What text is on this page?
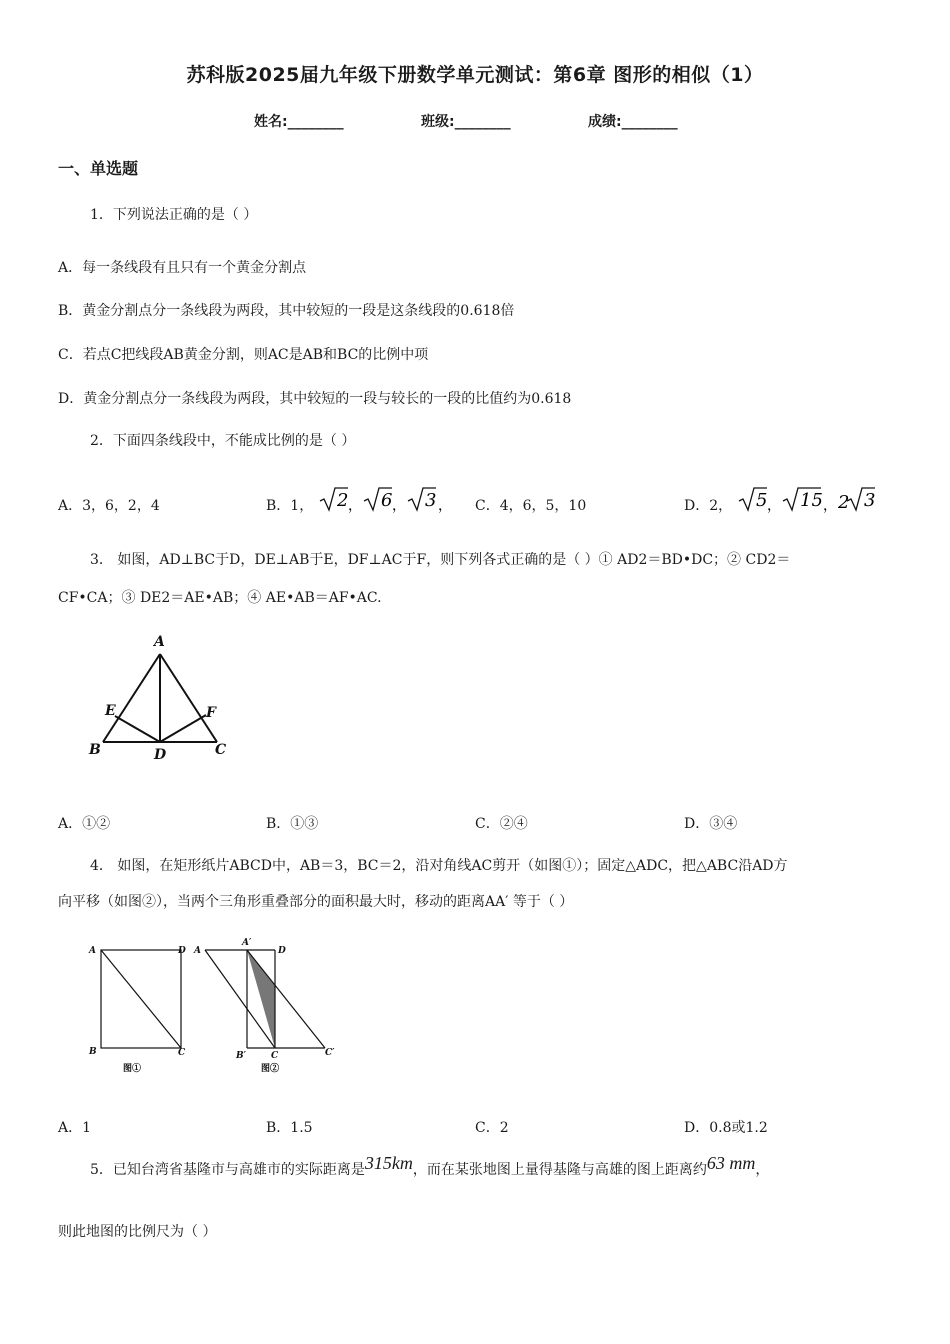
苏科版2025届九年级下册数学单元测试：第6章 图形的相似（1）
姓名:________	班级:________	成绩:________
一、单选题
1．下列说法正确的是（ ）
A．每一条线段有且只有一个黄金分割点
B．黄金分割点分一条线段为两段，其中较短的一段是这条线段的0.618倍
C．若点C把线段AB黄金分割，则AC是AB和BC的比例中项
D．黄金分割点分一条线段为两段，其中较短的一段与较长的一段的比值约为0.618
2．下面四条线段中，不能成比例的是（ ）
A．3，6，2，4	B．1， 2 ， 6 ， 3 ， C．4，6，5，10	D．2， 5 ， 15 ， 2 3
3． 如图，AD⊥BC于D，DE⊥AB于E，DF⊥AC于F，则下列各式正确的是（ ）① AD2＝BD•DC；② CD2＝
CF•CA；③ DE2＝AE•AB；④ AE•AB＝AF•AC.
A
E	F
B	D	C
A．①②	B．①③	C．②④	D．③④
4． 如图，在矩形纸片ABCD中，AB＝3，BC＝2，沿对角线AC剪开（如图①）；固定△ADC，把△ABC沿AD方
向平移（如图②），当两个三角形重叠部分的面积最大时，移动的距离AA′ 等于（ ）
A	D
B	C
图①
A
A′
D
B′	C	C′
图②
A．1	B．1.5	C．2	D．0.8或1.2
5．已知台湾省基隆市与高雄市的实际距离是315km，而在某张地图上量得基隆与高雄的图上距离约63 mm，
则此地图的比例尺为（ ）
